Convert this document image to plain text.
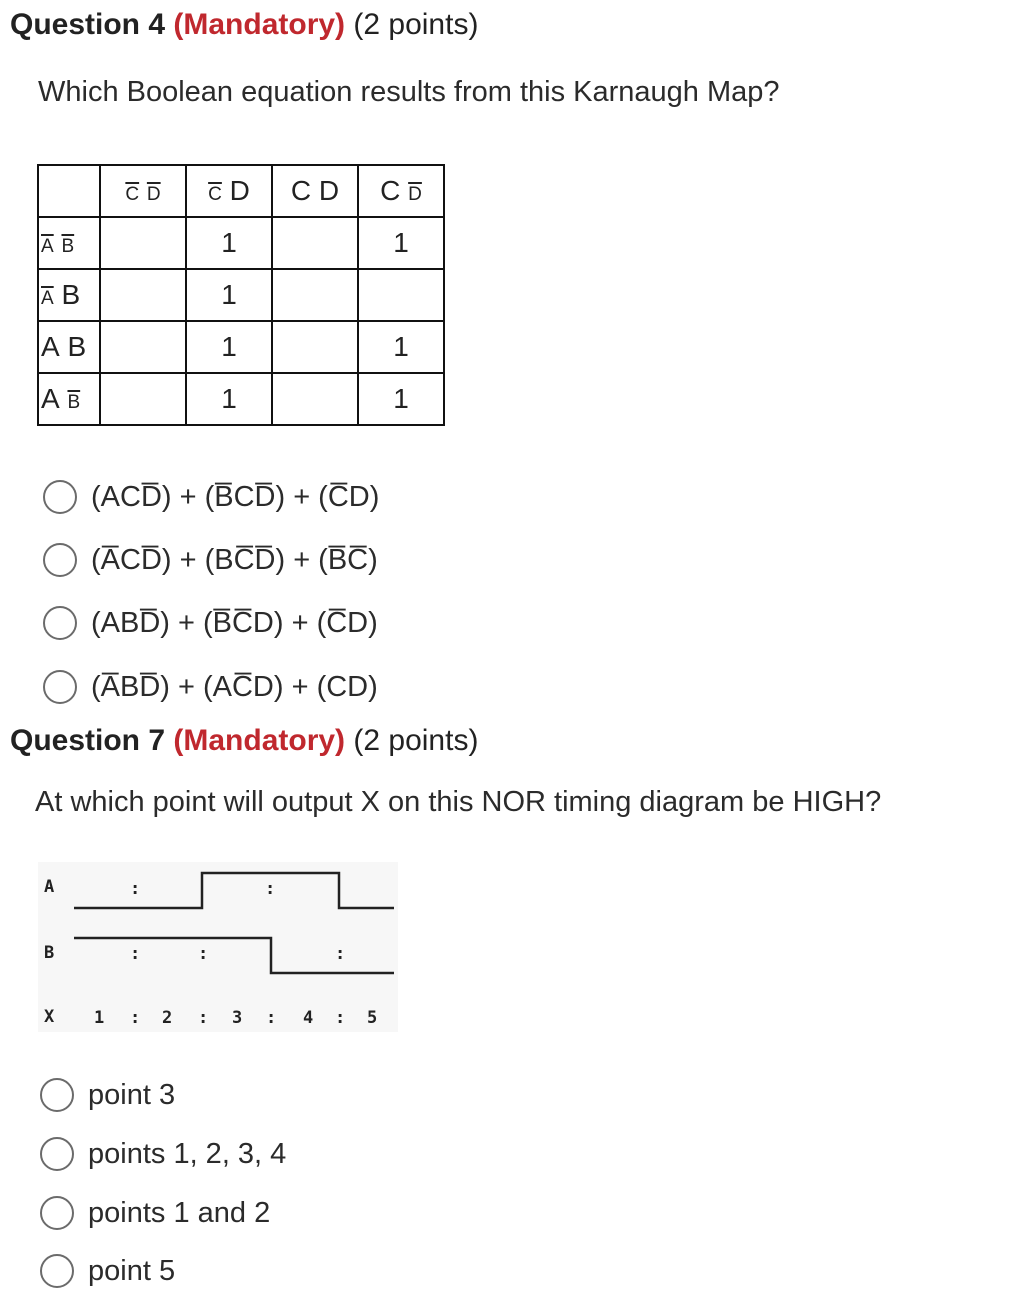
Question 4 (Mandatory) (2 points)
Which Boolean equation results from this Karnaugh Map?
	$\overline{C}$ $\overline{D}$	$\overline{C}$ D	C D	C $\overline{D}$
$\overline{A}$ $\overline{B}$		1		1
$\overline{A}$ B		1		
A B		1		1
A $\overline{B}$		1		1
(ACD̅) + (B̅CD̅) + (C̅D)
(A̅CD̅) + (BC̅D̅) + (B̅C̅)
(ABD̅) + (B̅C̅D) + (C̅D)
(A̅BD̅) + (AC̅D) + (CD)
Question 7 (Mandatory) (2 points)
At which point will output X on this NOR timing diagram be HIGH?
A
B
X
:	:
:	:	:
1 : 2 : 3 : 4 : 5
point 3
points 1, 2, 3, 4
points 1 and 2
point 5
